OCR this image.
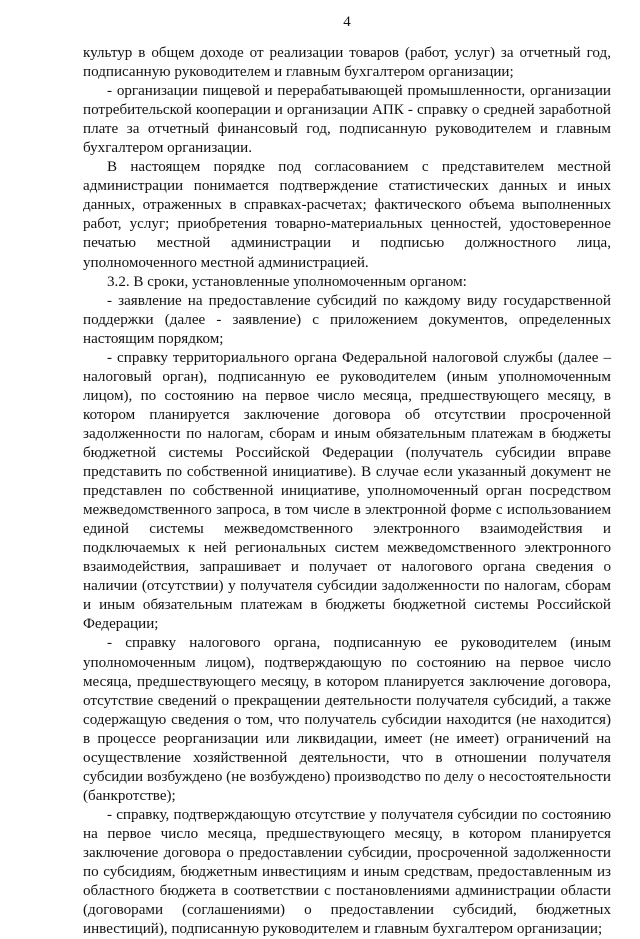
4

культур в общем доходе от реализации товаров (работ, услуг) за отчетный год, подписанную руководителем и главным бухгалтером организации;

- организации пищевой и перерабатывающей промышленности, организации потребительской кооперации и организации АПК - справку о средней заработной плате за отчетный финансовый год, подписанную руководителем и главным бухгалтером организации.

В настоящем порядке под согласованием с представителем местной администрации понимается подтверждение статистических данных и иных данных, отраженных в справках-расчетах; фактического объема выполненных работ, услуг; приобретения товарно-материальных ценностей, удостоверенное печатью местной администрации и подписью должностного лица, уполномоченного местной администрацией.

3.2. В сроки, установленные уполномоченным органом:

- заявление на предоставление субсидий по каждому виду государственной поддержки (далее - заявление) с приложением документов, определенных настоящим порядком;

- справку территориального органа Федеральной налоговой службы (далее – налоговый орган), подписанную ее руководителем (иным уполномоченным лицом), по состоянию на первое число месяца, предшествующего месяцу, в котором планируется заключение договора об отсутствии просроченной задолженности по налогам, сборам и иным обязательным платежам в бюджеты бюджетной системы Российской Федерации (получатель субсидии вправе представить по собственной инициативе). В случае если указанный документ не представлен по собственной инициативе, уполномоченный орган посредством межведомственного запроса, в том числе в электронной форме с использованием единой системы межведомственного электронного взаимодействия и подключаемых к ней региональных систем межведомственного электронного взаимодействия, запрашивает и получает от налогового органа сведения о наличии (отсутствии) у получателя субсидии задолженности по налогам, сборам и иным обязательным платежам в бюджеты бюджетной системы Российской Федерации;

- справку налогового органа, подписанную ее руководителем (иным уполномоченным лицом), подтверждающую по состоянию на первое число месяца, предшествующего месяцу, в котором планируется заключение договора, отсутствие сведений о прекращении деятельности получателя субсидий, а также содержащую сведения о том, что получатель субсидии находится (не находится) в процессе реорганизации или ликвидации, имеет (не имеет) ограничений на осуществление хозяйственной деятельности, что в отношении получателя субсидии возбуждено (не возбуждено) производство по делу о несостоятельности (банкротстве);

- справку, подтверждающую отсутствие у получателя субсидии по состоянию на первое число месяца, предшествующего месяцу, в котором планируется заключение договора о предоставлении субсидии, просроченной задолженности по субсидиям, бюджетным инвестициям и иным средствам, предоставленным из областного бюджета в соответствии с постановлениями администрации области (договорами (соглашениями) о предоставлении субсидий, бюджетных инвестиций), подписанную руководителем и главным бухгалтером организации;
